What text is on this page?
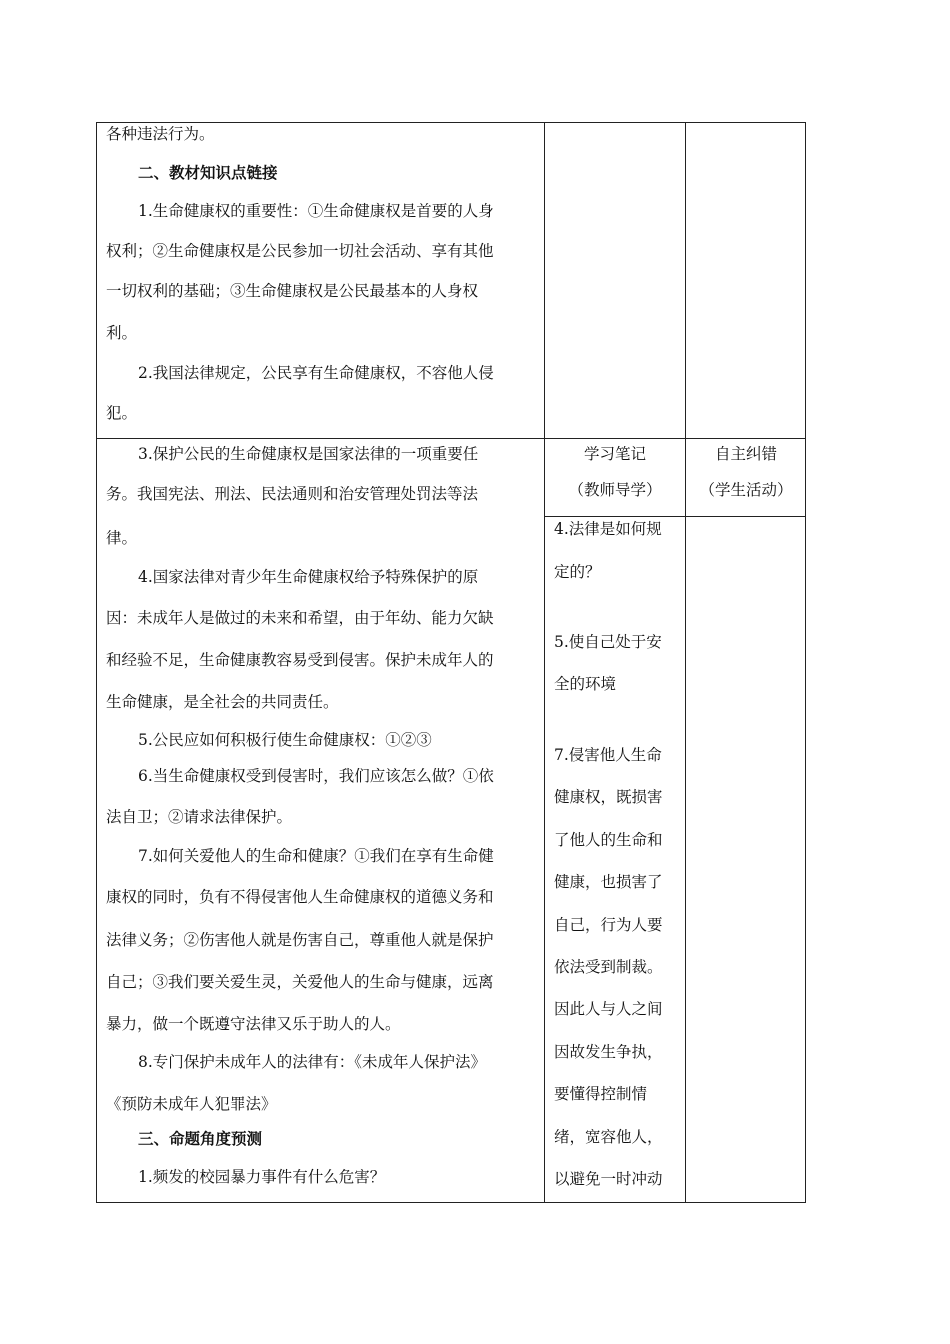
各种违法行为。
二、教材知识点链接
1.生命健康权的重要性：①生命健康权是首要的人身
权利；②生命健康权是公民参加一切社会活动、享有其他
一切权利的基础；③生命健康权是公民最基本的人身权
利。
2.我国法律规定，公民享有生命健康权，不容他人侵
犯。
学习笔记
（教师导学）
自主纠错
（学生活动）
3.保护公民的生命健康权是国家法律的一项重要任
务。我国宪法、刑法、民法通则和治安管理处罚法等法
律。
4.国家法律对青少年生命健康权给予特殊保护的原
因：未成年人是做过的未来和希望，由于年幼、能力欠缺
和经验不足，生命健康教容易受到侵害。保护未成年人的
生命健康，是全社会的共同责任。
5.公民应如何积极行使生命健康权：①②③
6.当生命健康权受到侵害时，我们应该怎么做？①依
法自卫；②请求法律保护。
7.如何关爱他人的生命和健康？①我们在享有生命健
康权的同时，负有不得侵害他人生命健康权的道德义务和
法律义务；②伤害他人就是伤害自己，尊重他人就是保护
自己；③我们要关爱生灵，关爱他人的生命与健康，远离
暴力，做一个既遵守法律又乐于助人的人。
8.专门保护未成年人的法律有：《未成年人保护法》
《预防未成年人犯罪法》
三、命题角度预测
1.频发的校园暴力事件有什么危害？
4.法律是如何规
定的？
5.使自己处于安
全的环境
7.侵害他人生命
健康权，既损害
了他人的生命和
健康，也损害了
自己，行为人要
依法受到制裁。
因此人与人之间
因故发生争执，
要懂得控制情
绪，宽容他人，
以避免一时冲动
